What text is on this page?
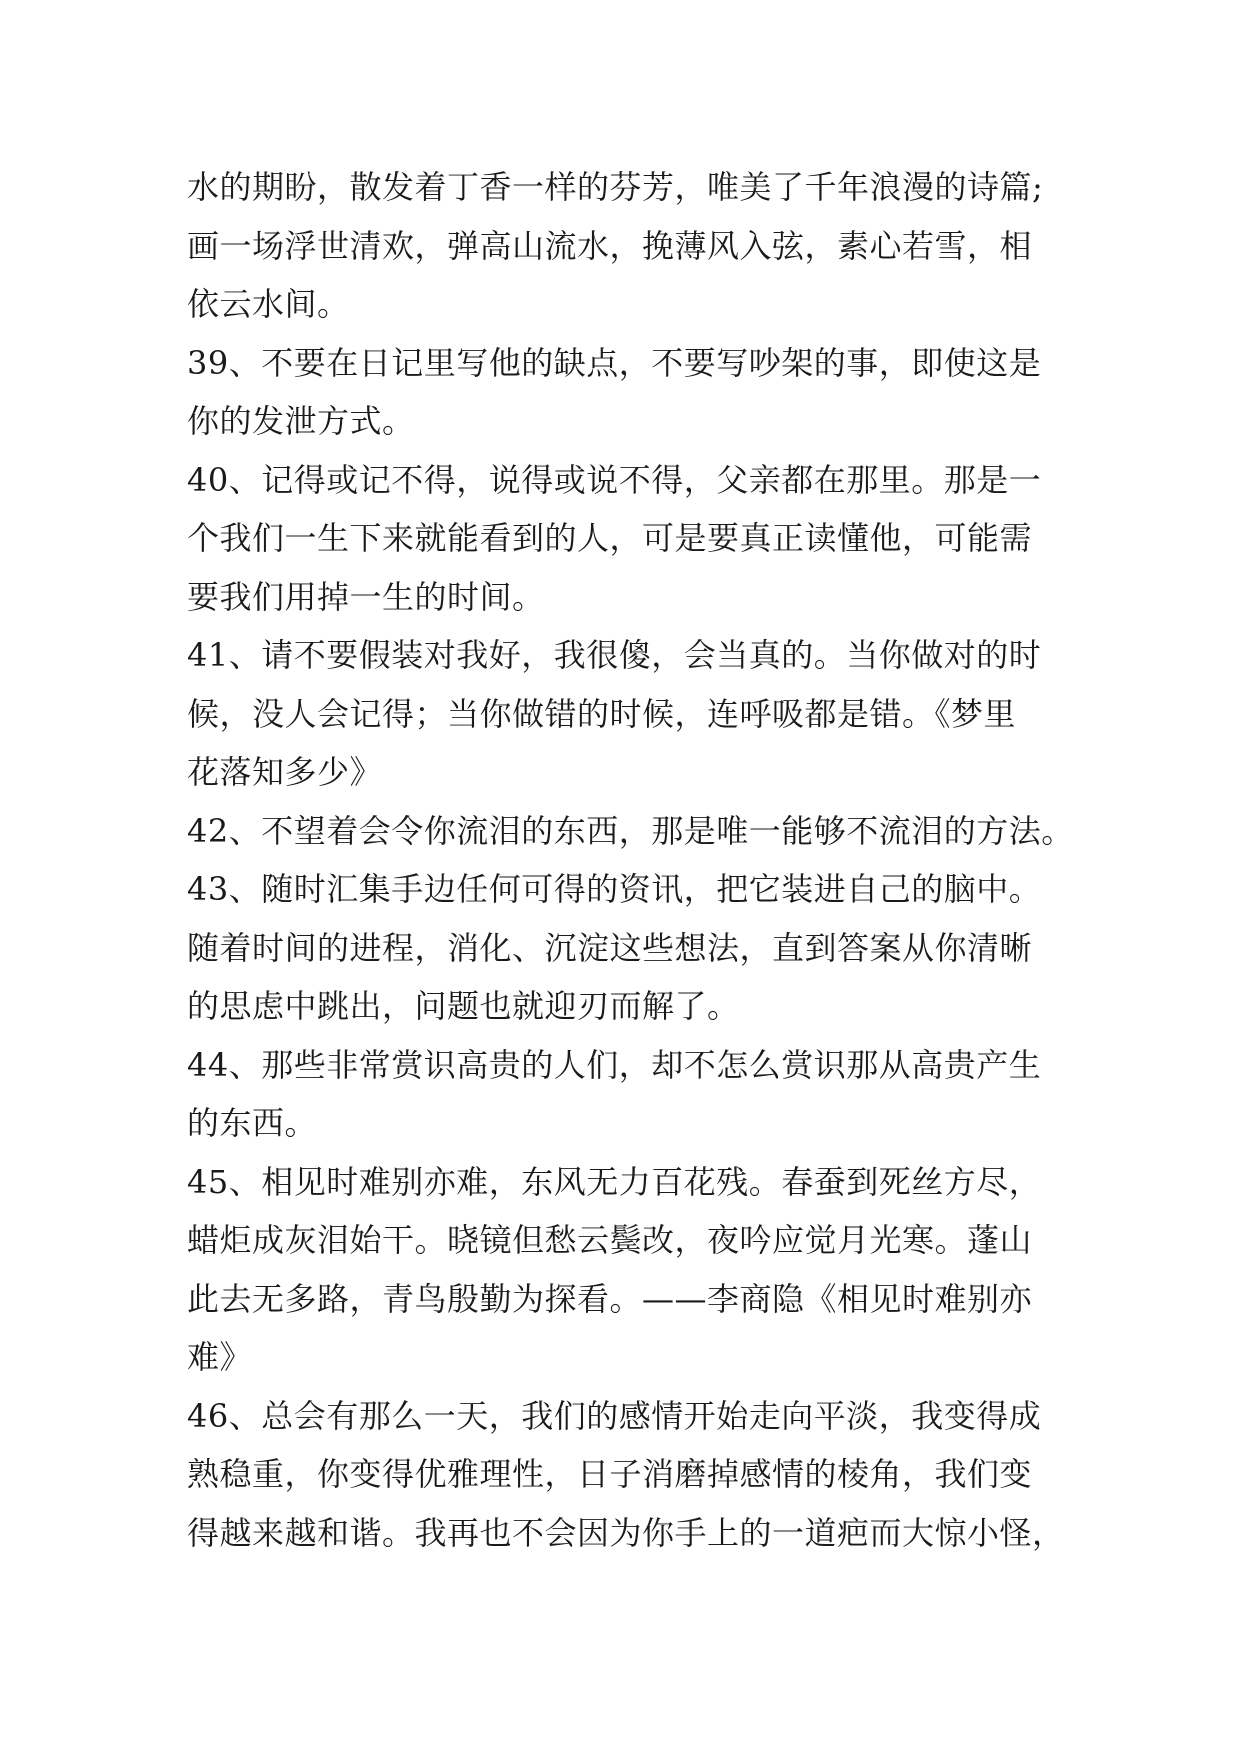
水的期盼，散发着丁香一样的芬芳，唯美了千年浪漫的诗篇;
画一场浮世清欢，弹高山流水，挽薄风入弦，素心若雪，相
依云水间。
39、不要在日记里写他的缺点，不要写吵架的事，即使这是
你的发泄方式。
40、记得或记不得，说得或说不得，父亲都在那里。那是一
个我们一生下来就能看到的人，可是要真正读懂他，可能需
要我们用掉一生的时间。
41、请不要假装对我好，我很傻，会当真的。当你做对的时
候，没人会记得；当你做错的时候，连呼吸都是错。《梦里
花落知多少》
42、不望着会令你流泪的东西，那是唯一能够不流泪的方法。
43、随时汇集手边任何可得的资讯，把它装进自己的脑中。
随着时间的进程，消化、沉淀这些想法，直到答案从你清晰
的思虑中跳出，问题也就迎刃而解了。
44、那些非常赏识高贵的人们，却不怎么赏识那从高贵产生
的东西。
45、相见时难别亦难，东风无力百花残。春蚕到死丝方尽，
蜡炬成灰泪始干。晓镜但愁云鬓改，夜吟应觉月光寒。蓬山
此去无多路，青鸟殷勤为探看。——李商隐《相见时难别亦
难》
46、总会有那么一天，我们的感情开始走向平淡，我变得成
熟稳重，你变得优雅理性，日子消磨掉感情的棱角，我们变
得越来越和谐。我再也不会因为你手上的一道疤而大惊小怪，
